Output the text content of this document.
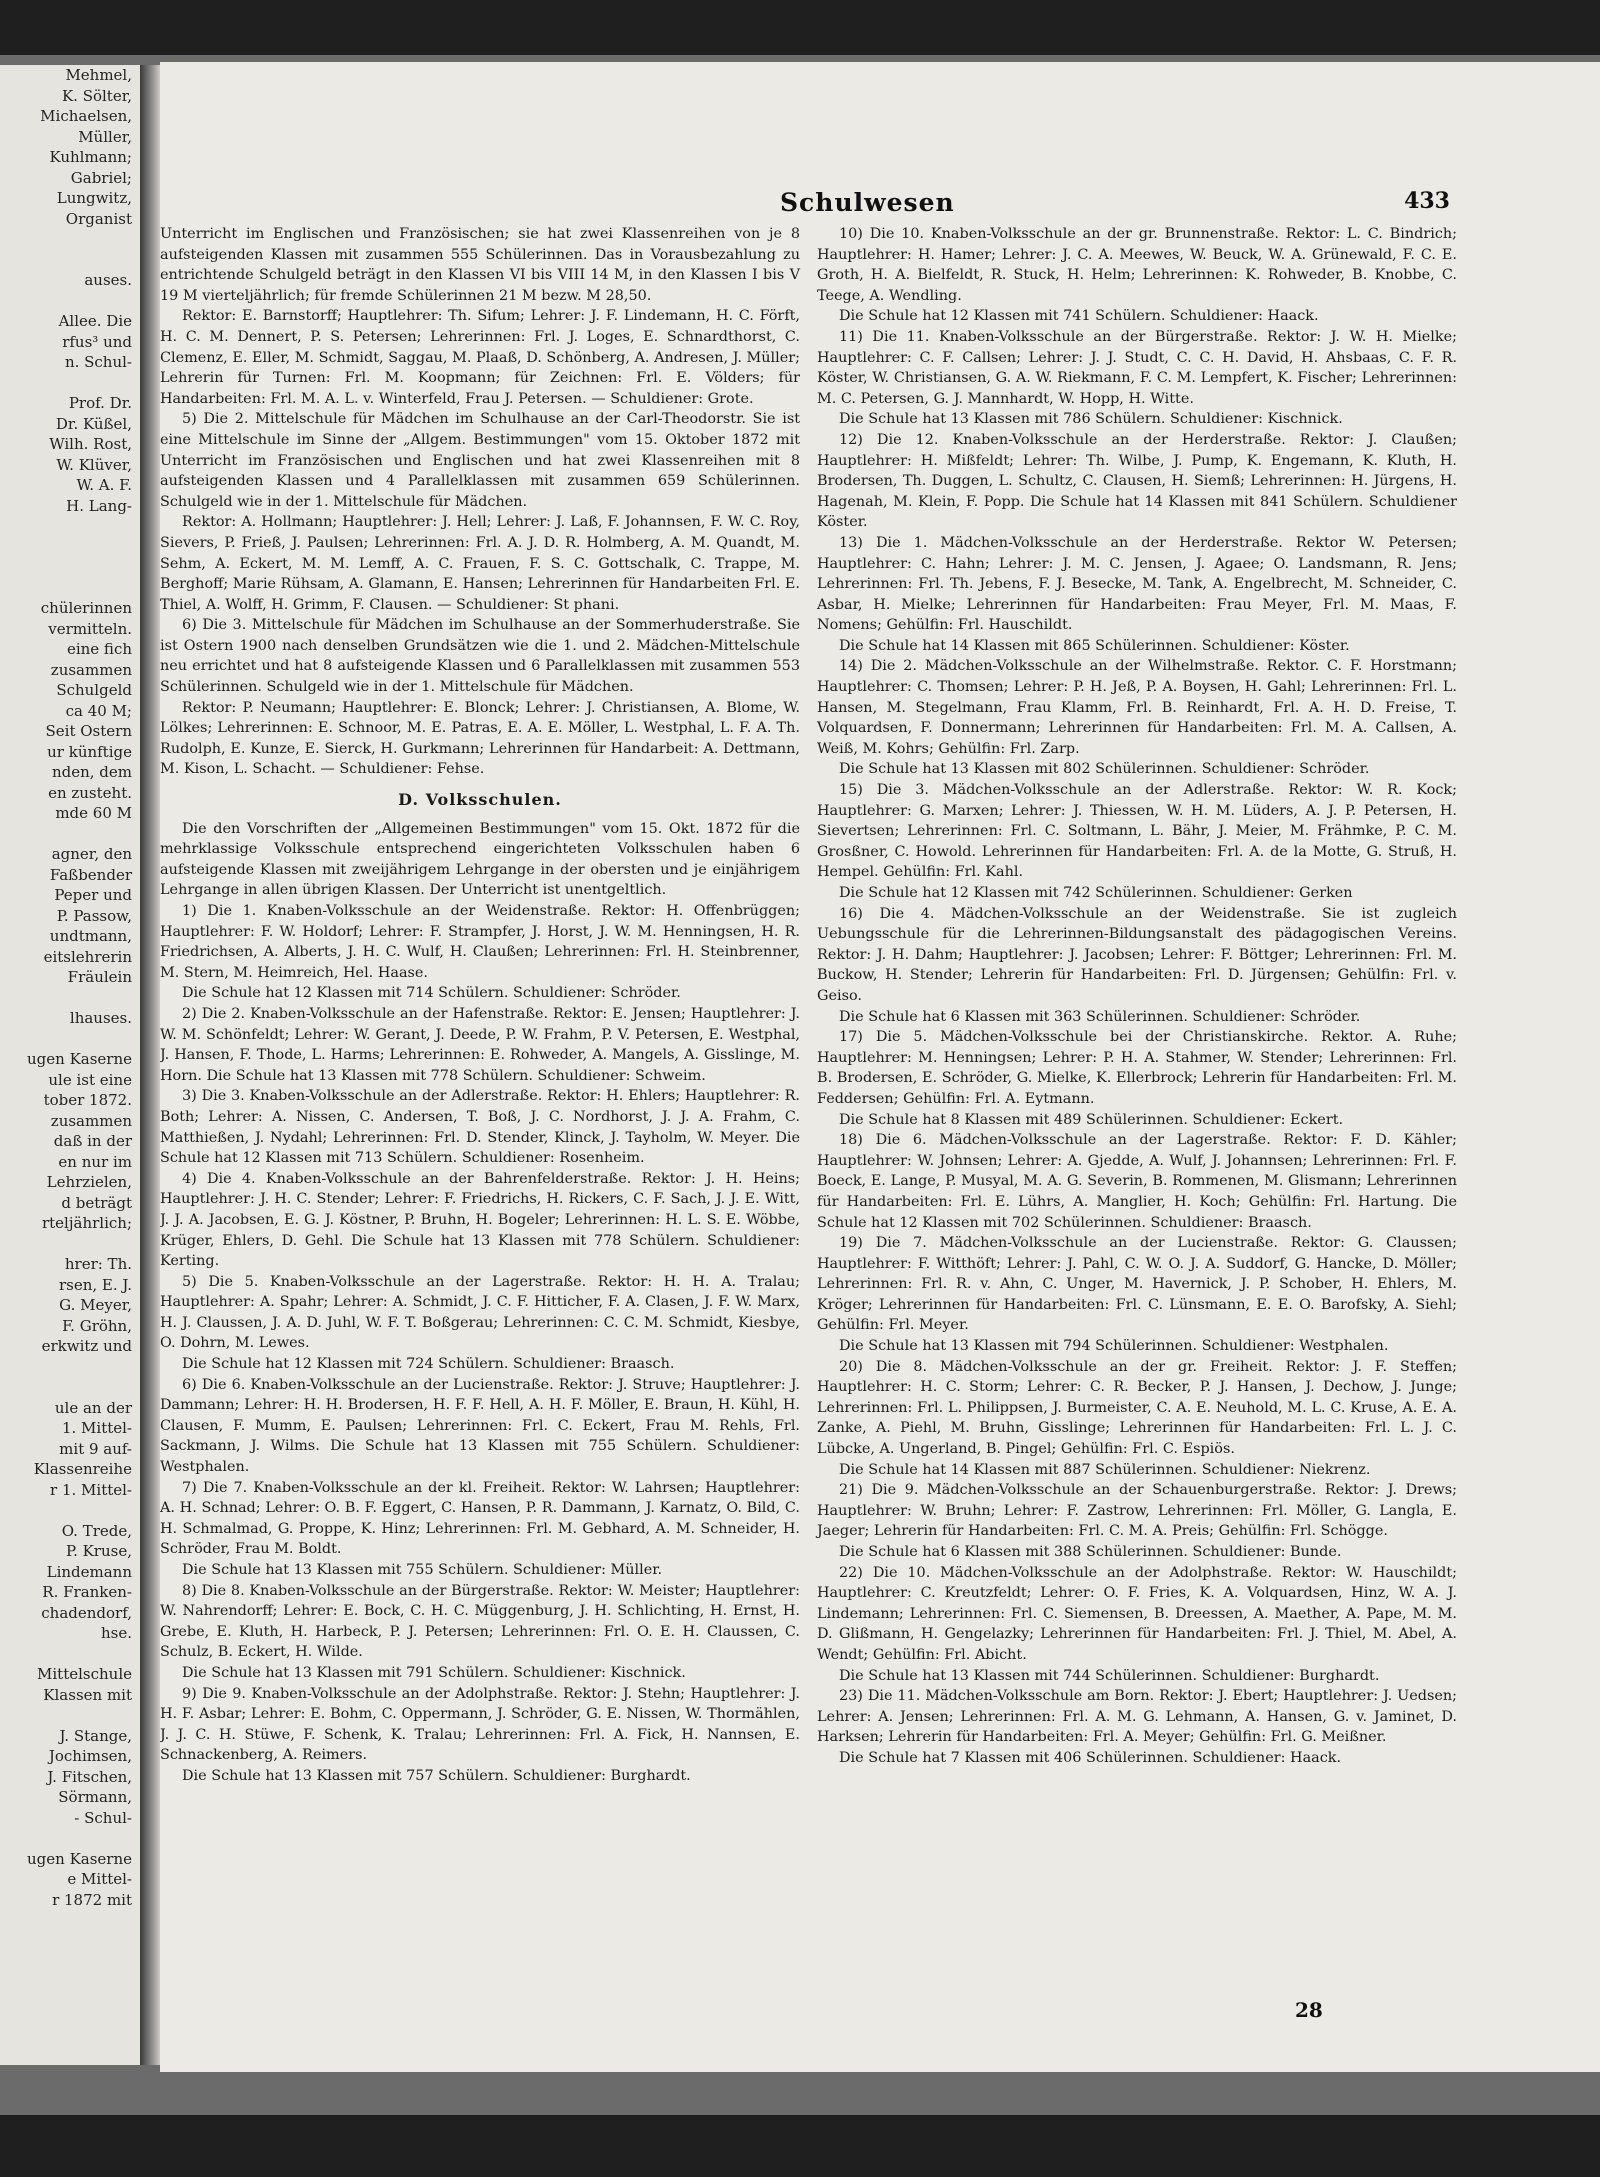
Mehmel,
K. Sölter,
Michaelsen,
Müller,
Kuhlmann;
Gabriel;
Lungwitz,
Organist

auses.

Allee. Die
rfus³ und
n. Schul-

Prof. Dr.
Dr. Küßel,
Wilh. Rost,
W. Klüver,
W. A. F.
H. Lang-

chülerinnen
vermitteln.
eine fich
zusammen
Schulgeld
ca 40 M;
Seit Ostern
ur künftige
nden, dem
en zusteht.
mde 60 M

agner, den
Faßbender
Peper und
P. Passow,
undtmann,
eitslehrerin
Fräulein

lhauses.

ugen Kaserne
ule ist eine
tober 1872.
zusammen
daß in der
en nur im
Lehrzielen,
d beträgt
rteljährlich;

hrer: Th.
rsen, E. J.
G. Meyer,
F. Gröhn,
erkwitz und

ule an der
1. Mittel-
mit 9 auf-
Klassenreihe
r 1. Mittel-

O. Trede,
P. Kruse,
Lindemann
R. Franken-
chadendorf,
hse.

Mittelschule
Klassen mit

J. Stange,
Jochimsen,
J. Fitschen,
Sörmann,
- Schul-

ugen Kaserne
e Mittel-
r 1872 mit
Schulwesen	433

Unterricht im Englischen und Französischen; sie hat zwei Klassenreihen von je 8 aufsteigenden Klassen mit zusammen 555 Schülerinnen. Das in Vorausbezahlung zu entrichtende Schulgeld beträgt in den Klassen VI bis VIII 14 M, in den Klassen I bis V 19 M vierteljährlich; für fremde Schülerinnen 21 M bezw. M 28,50.

Rektor: E. Barnstorff; Hauptlehrer: Th. Sifum; Lehrer: J. F. Lindemann, H. C. Förft, H. C. M. Dennert, P. S. Petersen; Lehrerinnen: Frl. J. Loges, E. Schnardthorst, C. Clemenz, E. Eller, M. Schmidt, Saggau, M. Plaaß, D. Schönberg, A. Andresen, J. Müller; Lehrerin für Turnen: Frl. M. Koopmann; für Zeichnen: Frl. E. Völders; für Handarbeiten: Frl. M. A. L. v. Winterfeld, Frau J. Petersen. — Schuldiener: Grote.

5) Die 2. Mittelschule für Mädchen im Schulhause an der Carl-Theodorstr. Sie ist eine Mittelschule im Sinne der „Allgem. Bestimmungen" vom 15. Oktober 1872 mit Unterricht im Französischen und Englischen und hat zwei Klassenreihen mit 8 aufsteigenden Klassen und 4 Parallelklassen mit zusammen 659 Schülerinnen. Schulgeld wie in der 1. Mittelschule für Mädchen.

Rektor: A. Hollmann; Hauptlehrer: J. Hell; Lehrer: J. Laß, F. Johannsen, F. W. C. Roy, Sievers, P. Frieß, J. Paulsen; Lehrerinnen: Frl. A. J. D. R. Holmberg, A. M. Quandt, M. Sehm, A. Eckert, M. M. Lemff, A. C. Frauen, F. S. C. Gottschalk, C. Trappe, M. Berghoff; Marie Rühsam, A. Glamann, E. Hansen; Lehrerinnen für Handarbeiten Frl. E. Thiel, A. Wolff, H. Grimm, F. Clausen. — Schuldiener: St phani.

6) Die 3. Mittelschule für Mädchen im Schulhause an der Sommerhuderstraße. Sie ist Ostern 1900 nach denselben Grundsätzen wie die 1. und 2. Mädchen-Mittelschule neu errichtet und hat 8 aufsteigende Klassen und 6 Parallelklassen mit zusammen 553 Schülerinnen. Schulgeld wie in der 1. Mittelschule für Mädchen.

Rektor: P. Neumann; Hauptlehrer: E. Blonck; Lehrer: J. Christiansen, A. Blome, W. Lölkes; Lehrerinnen: E. Schnoor, M. E. Patras, E. A. E. Möller, L. Westphal, L. F. A. Th. Rudolph, E. Kunze, E. Sierck, H. Gurkmann; Lehrerinnen für Handarbeit: A. Dettmann, M. Kison, L. Schacht. — Schuldiener: Fehse.

D. Volksschulen.

Die den Vorschriften der „Allgemeinen Bestimmungen" vom 15. Okt. 1872 für die mehrklassige Volksschule entsprechend eingerichteten Volksschulen haben 6 aufsteigende Klassen mit zweijährigem Lehrgange in der obersten und je einjährigem Lehrgange in allen übrigen Klassen. Der Unterricht ist unentgeltlich.

1) Die 1. Knaben-Volksschule an der Weidenstraße. Rektor: H. Offenbrüggen; Hauptlehrer: F. W. Holdorf; Lehrer: F. Strampfer, J. Horst, J. W. M. Henningsen, H. R. Friedrichsen, A. Alberts, J. H. C. Wulf, H. Claußen; Lehrerinnen: Frl. H. Steinbrenner, M. Stern, M. Heimreich, Hel. Haase.

Die Schule hat 12 Klassen mit 714 Schülern. Schuldiener: Schröder.

2) Die 2. Knaben-Volksschule an der Hafenstraße. Rektor: E. Jensen; Hauptlehrer: J. W. M. Schönfeldt; Lehrer: W. Gerant, J. Deede, P. W. Frahm, P. V. Petersen, E. Westphal, J. Hansen, F. Thode, L. Harms; Lehrerinnen: E. Rohweder, A. Mangels, A. Gisslinge, M. Horn. Die Schule hat 13 Klassen mit 778 Schülern. Schuldiener: Schweim.

3) Die 3. Knaben-Volksschule an der Adlerstraße. Rektor: H. Ehlers; Hauptlehrer: R. Both; Lehrer: A. Nissen, C. Andersen, T. Boß, J. C. Nordhorst, J. J. A. Frahm, C. Matthießen, J. Nydahl; Lehrerinnen: Frl. D. Stender, Klinck, J. Tayholm, W. Meyer. Die Schule hat 12 Klassen mit 713 Schülern. Schuldiener: Rosenheim.

4) Die 4. Knaben-Volksschule an der Bahrenfelderstraße. Rektor: J. H. Heins; Hauptlehrer: J. H. C. Stender; Lehrer: F. Friedrichs, H. Rickers, C. F. Sach, J. J. E. Witt, J. J. A. Jacobsen, E. G. J. Köstner, P. Bruhn, H. Bogeler; Lehrerinnen: H. L. S. E. Wöbbe, Krüger, Ehlers, D. Gehl. Die Schule hat 13 Klassen mit 778 Schülern. Schuldiener: Kerting.

5) Die 5. Knaben-Volksschule an der Lagerstraße. Rektor: H. H. A. Tralau; Hauptlehrer: A. Spahr; Lehrer: A. Schmidt, J. C. F. Hitticher, F. A. Clasen, J. F. W. Marx, H. J. Claussen, J. A. D. Juhl, W. F. T. Boßgerau; Lehrerinnen: C. C. M. Schmidt, Kiesbye, O. Dohrn, M. Lewes.

Die Schule hat 12 Klassen mit 724 Schülern. Schuldiener: Braasch.

6) Die 6. Knaben-Volksschule an der Lucienstraße. Rektor: J. Struve; Hauptlehrer: J. Dammann; Lehrer: H. H. Brodersen, H. F. F. Hell, A. H. F. Möller, E. Braun, H. Kühl, H. Clausen, F. Mumm, E. Paulsen; Lehrerinnen: Frl. C. Eckert, Frau M. Rehls, Frl. Sackmann, J. Wilms. Die Schule hat 13 Klassen mit 755 Schülern. Schuldiener: Westphalen.

7) Die 7. Knaben-Volksschule an der kl. Freiheit. Rektor: W. Lahrsen; Hauptlehrer: A. H. Schnad; Lehrer: O. B. F. Eggert, C. Hansen, P. R. Dammann, J. Karnatz, O. Bild, C. H. Schmalmad, G. Proppe, K. Hinz; Lehrerinnen: Frl. M. Gebhard, A. M. Schneider, H. Schröder, Frau M. Boldt.

Die Schule hat 13 Klassen mit 755 Schülern. Schuldiener: Müller.

8) Die 8. Knaben-Volksschule an der Bürgerstraße. Rektor: W. Meister; Hauptlehrer: W. Nahrendorff; Lehrer: E. Bock, C. H. C. Müggenburg, J. H. Schlichting, H. Ernst, H. Grebe, E. Kluth, H. Harbeck, P. J. Petersen; Lehrerinnen: Frl. O. E. H. Claussen, C. Schulz, B. Eckert, H. Wilde.

Die Schule hat 13 Klassen mit 791 Schülern. Schuldiener: Kischnick.

9) Die 9. Knaben-Volksschule an der Adolphstraße. Rektor: J. Stehn; Hauptlehrer: J. H. F. Asbar; Lehrer: E. Bohm, C. Oppermann, J. Schröder, G. E. Nissen, W. Thormählen, J. J. C. H. Stüwe, F. Schenk, K. Tralau; Lehrerinnen: Frl. A. Fick, H. Nannsen, E. Schnackenberg, A. Reimers.

Die Schule hat 13 Klassen mit 757 Schülern. Schuldiener: Burghardt.

10) Die 10. Knaben-Volksschule an der gr. Brunnenstraße. Rektor: L. C. Bindrich; Hauptlehrer: H. Hamer; Lehrer: J. C. A. Meewes, W. Beuck, W. A. Grünewald, F. C. E. Groth, H. A. Bielfeldt, R. Stuck, H. Helm; Lehrerinnen: K. Rohweder, B. Knobbe, C. Teege, A. Wendling.

Die Schule hat 12 Klassen mit 741 Schülern. Schuldiener: Haack.

11) Die 11. Knaben-Volksschule an der Bürgerstraße. Rektor: J. W. H. Mielke; Hauptlehrer: C. F. Callsen; Lehrer: J. J. Studt, C. C. H. David, H. Ahsbaas, C. F. R. Köster, W. Christiansen, G. A. W. Riekmann, F. C. M. Lempfert, K. Fischer; Lehrerinnen: M. C. Petersen, G. J. Mannhardt, W. Hopp, H. Witte.

Die Schule hat 13 Klassen mit 786 Schülern. Schuldiener: Kischnick.

12) Die 12. Knaben-Volksschule an der Herderstraße. Rektor: J. Claußen; Hauptlehrer: H. Mißfeldt; Lehrer: Th. Wilbe, J. Pump, K. Engemann, K. Kluth, H. Brodersen, Th. Duggen, L. Schultz, C. Clausen, H. Siemß; Lehrerinnen: H. Jürgens, H. Hagenah, M. Klein, F. Popp. Die Schule hat 14 Klassen mit 841 Schülern. Schuldiener Köster.

13) Die 1. Mädchen-Volksschule an der Herderstraße. Rektor W. Petersen; Hauptlehrer: C. Hahn; Lehrer: J. M. C. Jensen, J. Agaee; O. Landsmann, R. Jens; Lehrerinnen: Frl. Th. Jebens, F. J. Besecke, M. Tank, A. Engelbrecht, M. Schneider, C. Asbar, H. Mielke; Lehrerinnen für Handarbeiten: Frau Meyer, Frl. M. Maas, F. Nomens; Gehülfin: Frl. Hauschildt.

Die Schule hat 14 Klassen mit 865 Schülerinnen. Schuldiener: Köster.

14) Die 2. Mädchen-Volksschule an der Wilhelmstraße. Rektor. C. F. Horstmann; Hauptlehrer: C. Thomsen; Lehrer: P. H. Jeß, P. A. Boysen, H. Gahl; Lehrerinnen: Frl. L. Hansen, M. Stegelmann, Frau Klamm, Frl. B. Reinhardt, Frl. A. H. D. Freise, T. Volquardsen, F. Donnermann; Lehrerinnen für Handarbeiten: Frl. M. A. Callsen, A. Weiß, M. Kohrs; Gehülfin: Frl. Zarp.

Die Schule hat 13 Klassen mit 802 Schülerinnen. Schuldiener: Schröder.

15) Die 3. Mädchen-Volksschule an der Adlerstraße. Rektor: W. R. Kock; Hauptlehrer: G. Marxen; Lehrer: J. Thiessen, W. H. M. Lüders, A. J. P. Petersen, H. Sievertsen; Lehrerinnen: Frl. C. Soltmann, L. Bähr, J. Meier, M. Frähmke, P. C. M. Grosßner, C. Howold. Lehrerinnen für Handarbeiten: Frl. A. de la Motte, G. Struß, H. Hempel. Gehülfin: Frl. Kahl.

Die Schule hat 12 Klassen mit 742 Schülerinnen. Schuldiener: Gerken

16) Die 4. Mädchen-Volksschule an der Weidenstraße. Sie ist zugleich Uebungsschule für die Lehrerinnen-Bildungsanstalt des pädagogischen Vereins. Rektor: J. H. Dahm; Hauptlehrer: J. Jacobsen; Lehrer: F. Böttger; Lehrerinnen: Frl. M. Buckow, H. Stender; Lehrerin für Handarbeiten: Frl. D. Jürgensen; Gehülfin: Frl. v. Geiso.

Die Schule hat 6 Klassen mit 363 Schülerinnen. Schuldiener: Schröder.

17) Die 5. Mädchen-Volksschule bei der Christianskirche. Rektor. A. Ruhe; Hauptlehrer: M. Henningsen; Lehrer: P. H. A. Stahmer, W. Stender; Lehrerinnen: Frl. B. Brodersen, E. Schröder, G. Mielke, K. Ellerbrock; Lehrerin für Handarbeiten: Frl. M. Feddersen; Gehülfin: Frl. A. Eytmann.

Die Schule hat 8 Klassen mit 489 Schülerinnen. Schuldiener: Eckert.

18) Die 6. Mädchen-Volksschule an der Lagerstraße. Rektor: F. D. Kähler; Hauptlehrer: W. Johnsen; Lehrer: A. Gjedde, A. Wulf, J. Johannsen; Lehrerinnen: Frl. F. Boeck, E. Lange, P. Musyal, M. A. G. Severin, B. Rommenen, M. Glismann; Lehrerinnen für Handarbeiten: Frl. E. Lührs, A. Manglier, H. Koch; Gehülfin: Frl. Hartung. Die Schule hat 12 Klassen mit 702 Schülerinnen. Schuldiener: Braasch.

19) Die 7. Mädchen-Volksschule an der Lucienstraße. Rektor: G. Claussen; Hauptlehrer: F. Witthöft; Lehrer: J. Pahl, C. W. O. J. A. Suddorf, G. Hancke, D. Möller; Lehrerinnen: Frl. R. v. Ahn, C. Unger, M. Havernick, J. P. Schober, H. Ehlers, M. Kröger; Lehrerinnen für Handarbeiten: Frl. C. Lünsmann, E. E. O. Barofsky, A. Siehl; Gehülfin: Frl. Meyer.

Die Schule hat 13 Klassen mit 794 Schülerinnen. Schuldiener: Westphalen.

20) Die 8. Mädchen-Volksschule an der gr. Freiheit. Rektor: J. F. Steffen; Hauptlehrer: H. C. Storm; Lehrer: C. R. Becker, P. J. Hansen, J. Dechow, J. Junge; Lehrerinnen: Frl. L. Philippsen, J. Burmeister, C. A. E. Neuhold, M. L. C. Kruse, A. E. A. Zanke, A. Piehl, M. Bruhn, Gisslinge; Lehrerinnen für Handarbeiten: Frl. L. J. C. Lübcke, A. Ungerland, B. Pingel; Gehülfin: Frl. C. Espiös.

Die Schule hat 14 Klassen mit 887 Schülerinnen. Schuldiener: Niekrenz.

21) Die 9. Mädchen-Volksschule an der Schauenburgerstraße. Rektor: J. Drews; Hauptlehrer: W. Bruhn; Lehrer: F. Zastrow, Lehrerinnen: Frl. Möller, G. Langla, E. Jaeger; Lehrerin für Handarbeiten: Frl. C. M. A. Preis; Gehülfin: Frl. Schögge.

Die Schule hat 6 Klassen mit 388 Schülerinnen. Schuldiener: Bunde.

22) Die 10. Mädchen-Volksschule an der Adolphstraße. Rektor: W. Hauschildt; Hauptlehrer: C. Kreutzfeldt; Lehrer: O. F. Fries, K. A. Volquardsen, Hinz, W. A. J. Lindemann; Lehrerinnen: Frl. C. Siemensen, B. Dreessen, A. Maether, A. Pape, M. M. D. Glißmann, H. Gengelazky; Lehrerinnen für Handarbeiten: Frl. J. Thiel, M. Abel, A. Wendt; Gehülfin: Frl. Abicht.

Die Schule hat 13 Klassen mit 744 Schülerinnen. Schuldiener: Burghardt.

23) Die 11. Mädchen-Volksschule am Born. Rektor: J. Ebert; Hauptlehrer: J. Uedsen; Lehrer: A. Jensen; Lehrerinnen: Frl. A. M. G. Lehmann, A. Hansen, G. v. Jaminet, D. Harksen; Lehrerin für Handarbeiten: Frl. A. Meyer; Gehülfin: Frl. G. Meißner.

Die Schule hat 7 Klassen mit 406 Schülerinnen. Schuldiener: Haack.

28
